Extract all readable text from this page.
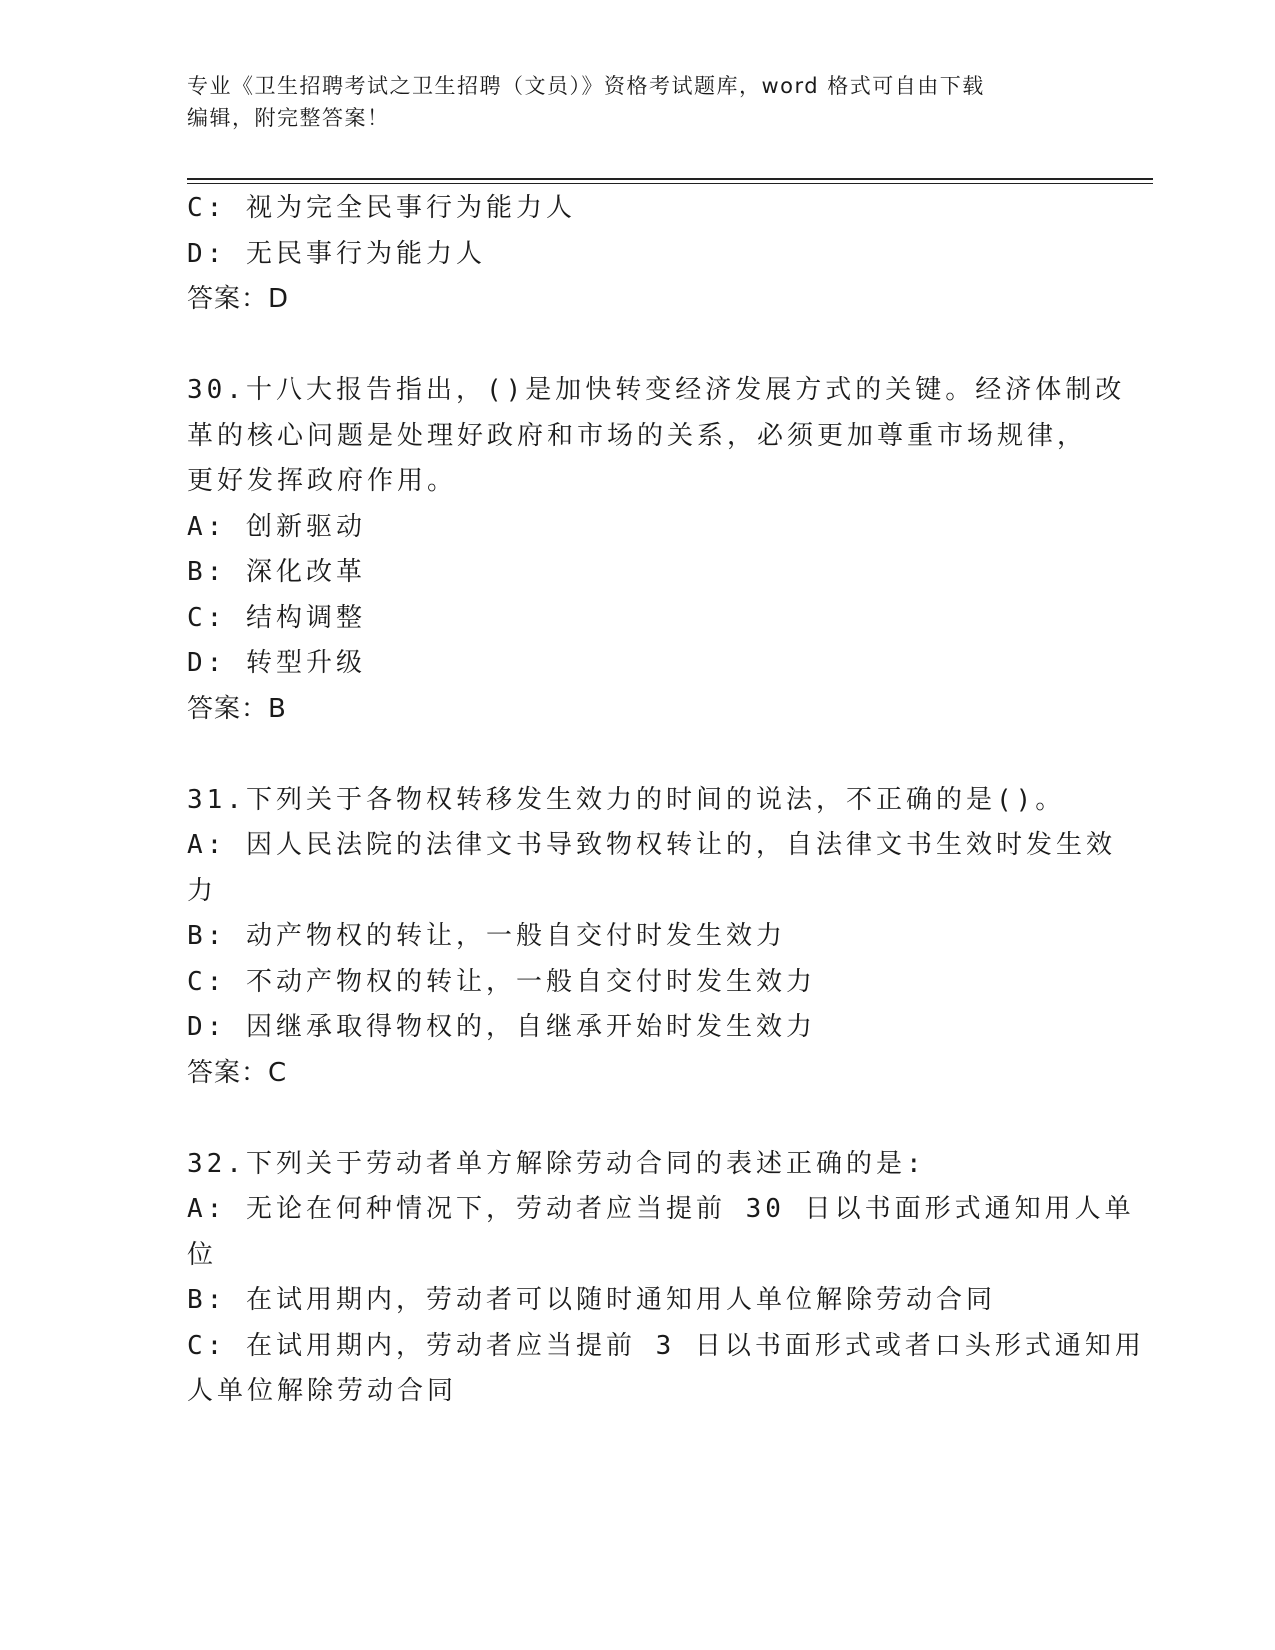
专业《卫生招聘考试之卫生招聘（文员）》资格考试题库，word 格式可自由下载
编辑，附完整答案！
C: 视为完全民事行为能力人
D: 无民事行为能力人
答案：D
30.十八大报告指出，()是加快转变经济发展方式的关键。经济体制改
革的核心问题是处理好政府和市场的关系，必须更加尊重市场规律，
更好发挥政府作用。
A: 创新驱动
B: 深化改革
C: 结构调整
D: 转型升级
答案：B
31.下列关于各物权转移发生效力的时间的说法，不正确的是()。
A: 因人民法院的法律文书导致物权转让的，自法律文书生效时发生效
力
B: 动产物权的转让，一般自交付时发生效力
C: 不动产物权的转让，一般自交付时发生效力
D: 因继承取得物权的，自继承开始时发生效力
答案：C
32.下列关于劳动者单方解除劳动合同的表述正确的是:
A: 无论在何种情况下，劳动者应当提前 30 日以书面形式通知用人单
位
B: 在试用期内，劳动者可以随时通知用人单位解除劳动合同
C: 在试用期内，劳动者应当提前 3 日以书面形式或者口头形式通知用
人单位解除劳动合同
